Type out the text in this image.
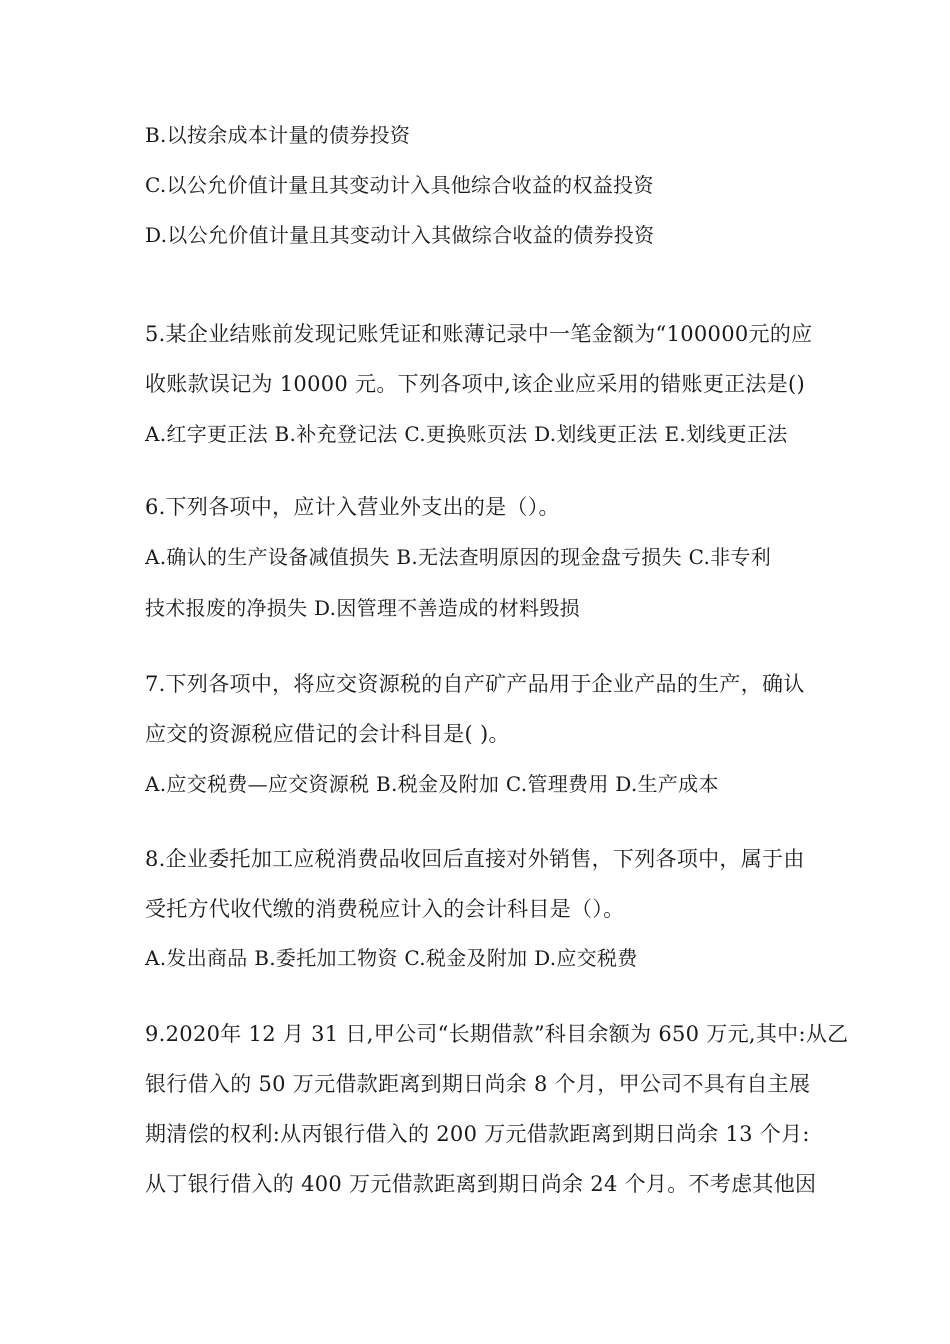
B.以按余成本计量的债券投资
C.以公允价值计量且其变动计入具他综合收益的权益投资
D.以公允价值计量且其变动计入其做综合收益的债券投资
5.某企业结账前发现记账凭证和账薄记录中一笔金额为“100000元的应
收账款误记为 10000 元。下列各项中,该企业应采用的错账更正法是()
A.红字更正法 B.补充登记法 C.更换账页法 D.划线更正法 E.划线更正法
6.下列各项中，应计入营业外支出的是（）。
A.确认的生产设备减值损失 B.无法查明原因的现金盘亏损失 C.非专利
技术报废的净损失 D.因管理不善造成的材料毁损
7.下列各项中，将应交资源税的自产矿产品用于企业产品的生产，确认
应交的资源税应借记的会计科目是( )。
A.应交税费—应交资源税 B.税金及附加 C.管理费用 D.生产成本
8.企业委托加工应税消费品收回后直接对外销售，下列各项中，属于由
受托方代收代缴的消费税应计入的会计科目是（）。
A.发出商品 B.委托加工物资 C.税金及附加 D.应交税费
9.2020年 12 月 31 日,甲公司“长期借款”科目余额为 650 万元,其中:从乙
银行借入的 50 万元借款距离到期日尚余 8 个月，甲公司不具有自主展
期清偿的权利:从丙银行借入的 200 万元借款距离到期日尚余 13 个月:
从丁银行借入的 400 万元借款距离到期日尚余 24 个月。不考虑其他因
